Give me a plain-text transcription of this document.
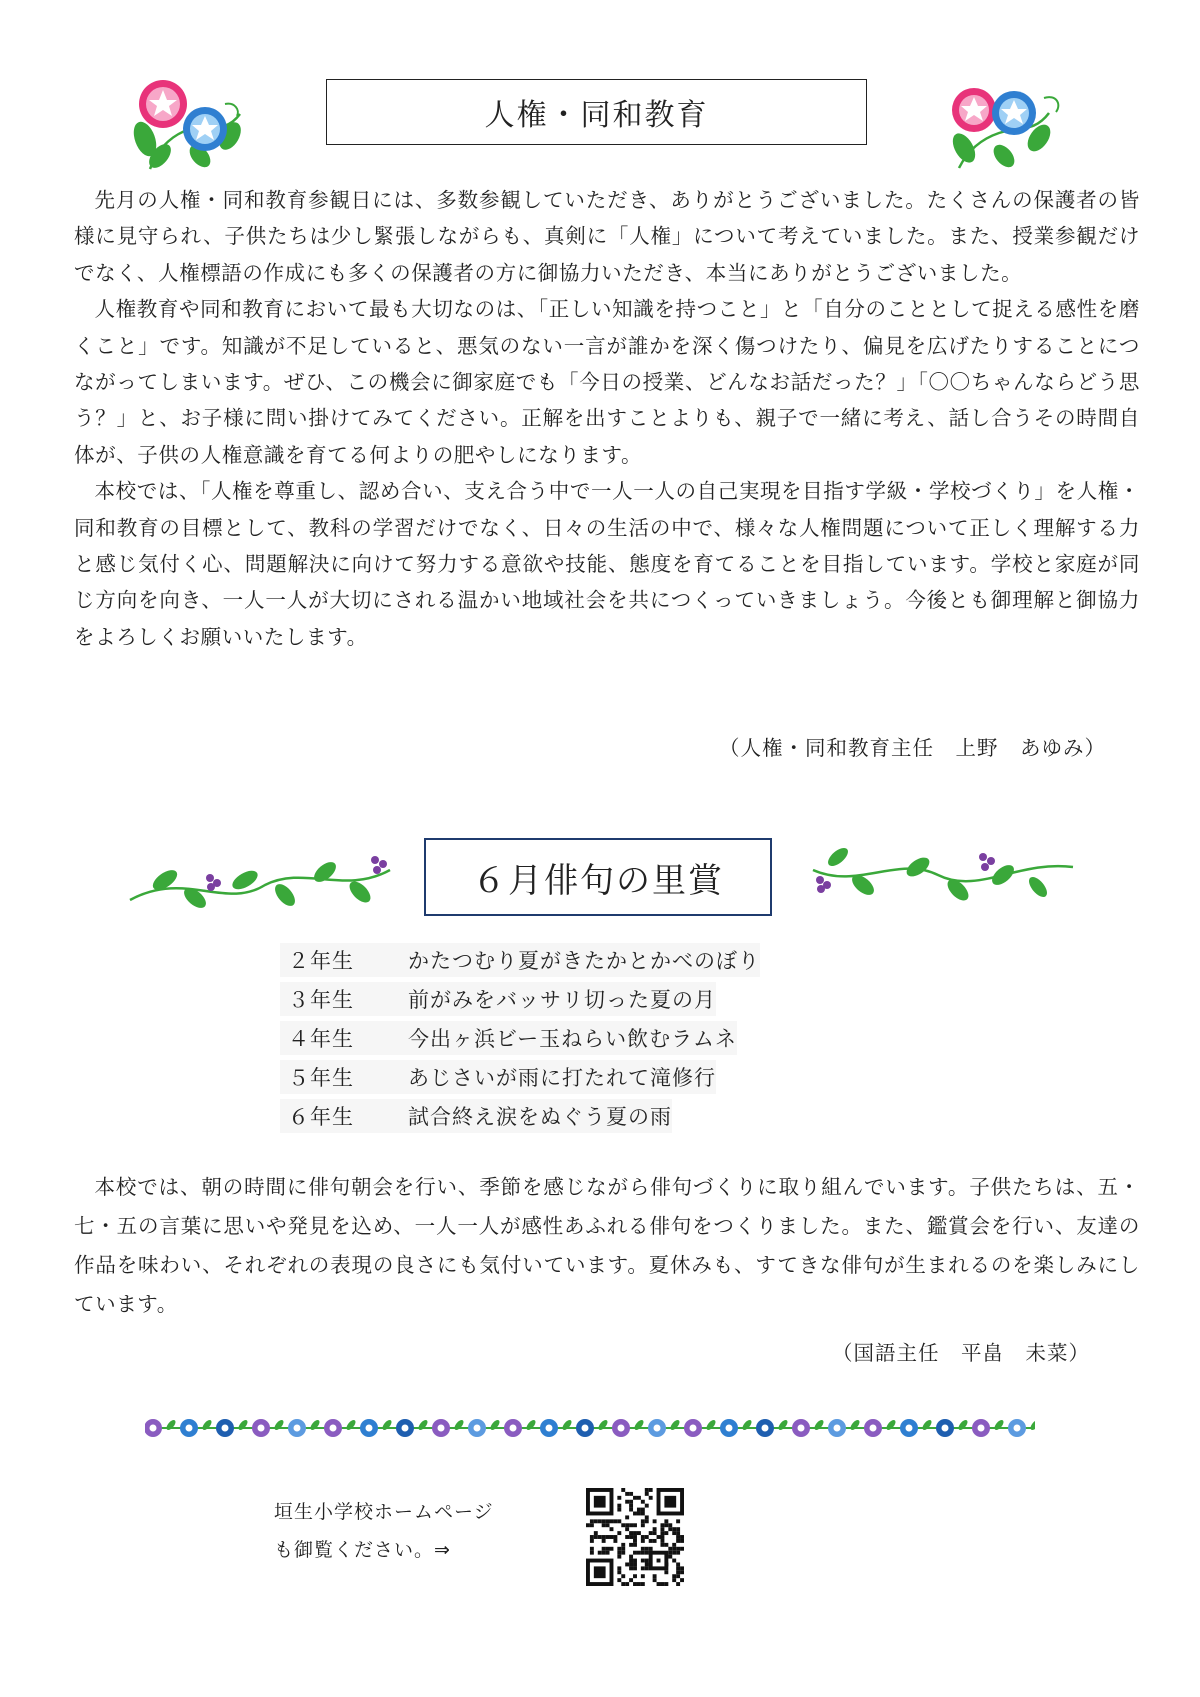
人権・同和教育

先月の人権・同和教育参観日には、多数参観していただき、ありがとうございました。たくさんの保護者の皆様に見守られ、子供たちは少し緊張しながらも、真剣に「人権」について考えていました。また、授業参観だけでなく、人権標語の作成にも多くの保護者の方に御協力いただき、本当にありがとうございました。

人権教育や同和教育において最も大切なのは、「正しい知識を持つこと」と「自分のこととして捉える感性を磨くこと」です。知識が不足していると、悪気のない一言が誰かを深く傷つけたり、偏見を広げたりすることにつながってしまいます。ぜひ、この機会に御家庭でも「今日の授業、どんなお話だった？」「〇〇ちゃんならどう思う？」と、お子様に問い掛けてみてください。正解を出すことよりも、親子で一緒に考え、話し合うその時間自体が、子供の人権意識を育てる何よりの肥やしになります。

本校では、「人権を尊重し、認め合い、支え合う中で一人一人の自己実現を目指す学級・学校づくり」を人権・同和教育の目標として、教科の学習だけでなく、日々の生活の中で、様々な人権問題について正しく理解する力と感じ気付く心、問題解決に向けて努力する意欲や技能、態度を育てることを目指しています。学校と家庭が同じ方向を向き、一人一人が大切にされる温かい地域社会を共につくっていきましょう。今後とも御理解と御協力をよろしくお願いいたします。

（人権・同和教育主任　上野　あゆみ）
６月俳句の里賞
２年生	かたつむり夏がきたかとかべのぼり
３年生	前がみをバッサリ切った夏の月
４年生	今出ヶ浜ビー玉ねらい飲むラムネ
５年生	あじさいが雨に打たれて滝修行
６年生	試合終え涙をぬぐう夏の雨

本校では、朝の時間に俳句朝会を行い、季節を感じながら俳句づくりに取り組んでいます。子供たちは、五・七・五の言葉に思いや発見を込め、一人一人が感性あふれる俳句をつくりました。また、鑑賞会を行い、友達の作品を味わい、それぞれの表現の良さにも気付いています。夏休みも、すてきな俳句が生まれるのを楽しみにしています。

（国語主任　平畠　未菜）
垣生小学校ホームページ
も御覧ください。⇒
